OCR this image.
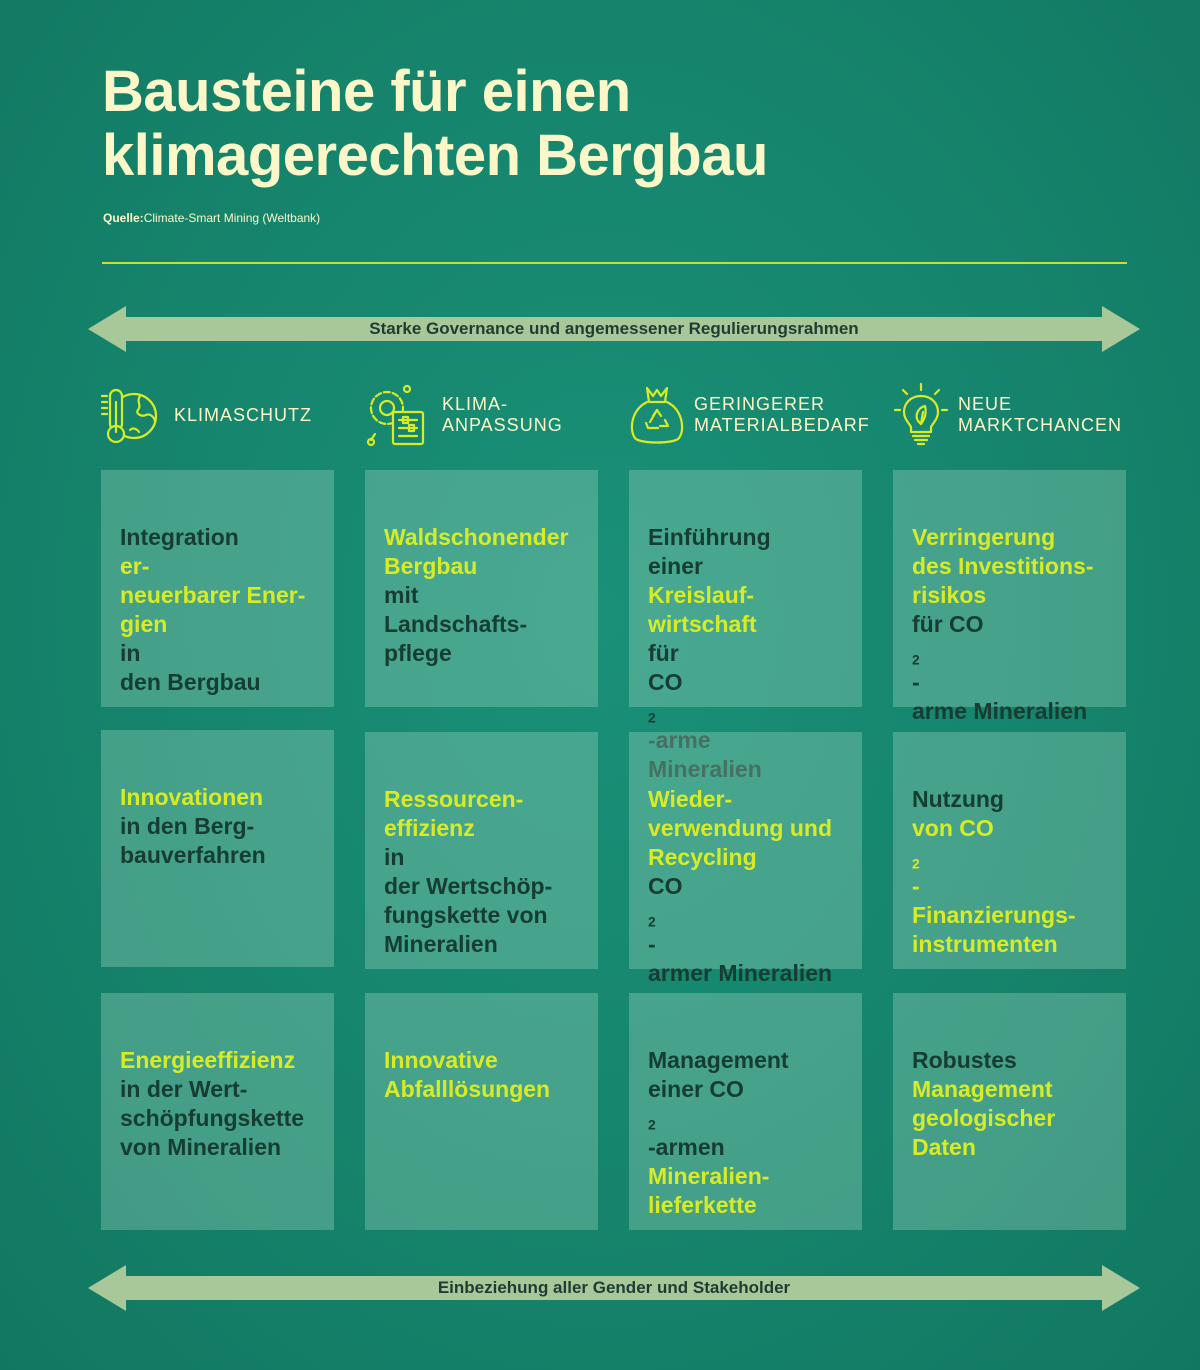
Bausteine für einen
klimagerechten Bergbau
Quelle:Climate-Smart Mining (Weltbank)
Starke Governance und angemessener Regulierungsrahmen
KLIMASCHUTZ
KLIMA-
ANPASSUNG
GERINGERER
MATERIALBEDARF
NEUE
MARKTCHANCEN
Integration
er-
neuerbarer Ener-
gien
in
den Bergbau
Waldschonender
Bergbau
mit
Landschafts-
pflege
Einführung
einer
Kreislauf-
wirtschaft
für
CO
$_2$
-arme
Mineralien
Verringerung
des Investitions-
risikos
für CO
$_2$
-
arme Mineralien
Innovationen
in den Berg-
bauverfahren
Ressourcen-
effizienz
in
der Wertschöp-
fungskette von
Mineralien
Wieder-
verwendung und
Recycling
CO
$_2$
-
armer Mineralien
Nutzung
von CO
$_2$
-
Finanzierungs-
instrumenten
Energieeffizienz
in der Wert-
schöpfungskette
von Mineralien
Innovative
Abfalllösungen
Management
einer CO
$_2$
-armen
Mineralien-
lieferkette
Robustes
Management
geologischer
Daten
Einbeziehung aller Gender und Stakeholder
